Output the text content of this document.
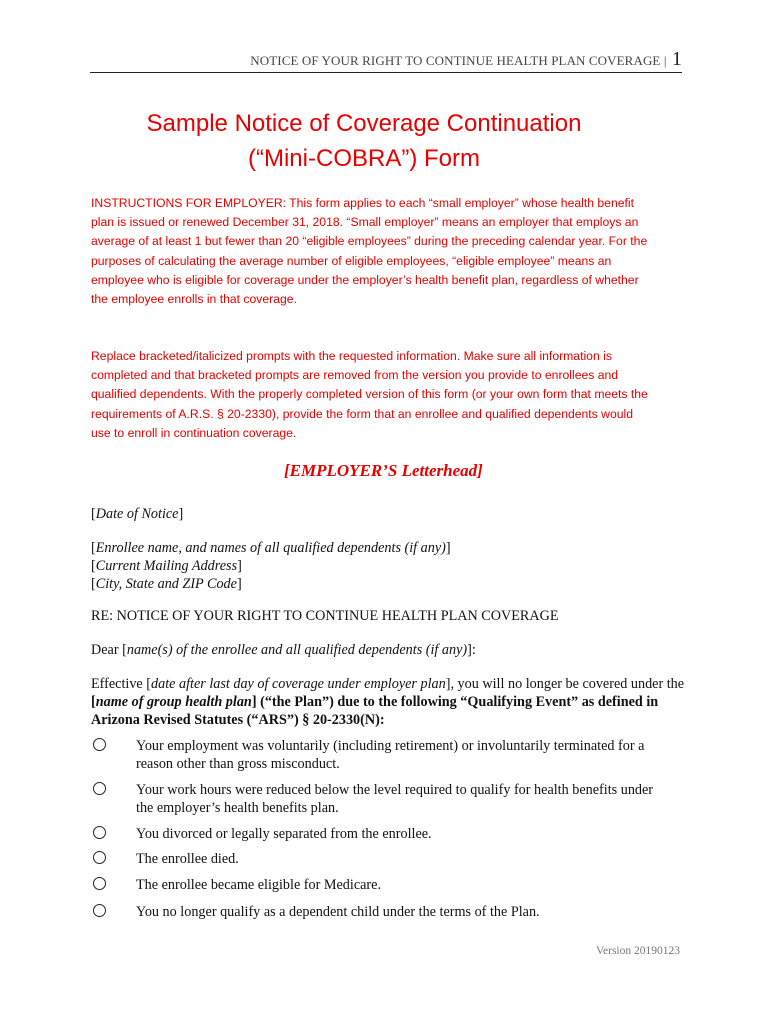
NOTICE OF YOUR RIGHT TO CONTINUE HEALTH PLAN COVERAGE | 1
Sample Notice of Coverage Continuation
(“Mini-COBRA”) Form

INSTRUCTIONS FOR EMPLOYER: This form applies to each “small employer” whose health benefit plan is issued or renewed December 31, 2018. “Small employer” means an employer that employs an average of at least 1 but fewer than 20 “eligible employees” during the preceding calendar year. For the purposes of calculating the average number of eligible employees, “eligible employee” means an employee who is eligible for coverage under the employer’s health benefit plan, regardless of whether the employee enrolls in that coverage.

Replace bracketed/italicized prompts with the requested information. Make sure all information is completed and that bracketed prompts are removed from the version you provide to enrollees and qualified dependents. With the properly completed version of this form (or your own form that meets the requirements of A.R.S. § 20-2330), provide the form that an enrollee and qualified dependents would use to enroll in continuation coverage.

[EMPLOYER’S Letterhead]
[Date of Notice]
[Enrollee name, and names of all qualified dependents (if any)]
[Current Mailing Address]
[City, State and ZIP Code]
RE: NOTICE OF YOUR RIGHT TO CONTINUE HEALTH PLAN COVERAGE
Dear [name(s) of the enrollee and all qualified dependents (if any)]:
Effective [date after last day of coverage under employer plan], you will no longer be covered under the [name of group health plan] (“the Plan”) due to the following “Qualifying Event” as defined in Arizona Revised Statutes (“ARS”) § 20-2330(N):
Your employment was voluntarily (including retirement) or involuntarily terminated for a reason other than gross misconduct.
Your work hours were reduced below the level required to qualify for health benefits under the employer’s health benefits plan.
You divorced or legally separated from the enrollee.
The enrollee died.
The enrollee became eligible for Medicare.
You no longer qualify as a dependent child under the terms of the Plan.
Version 20190123
